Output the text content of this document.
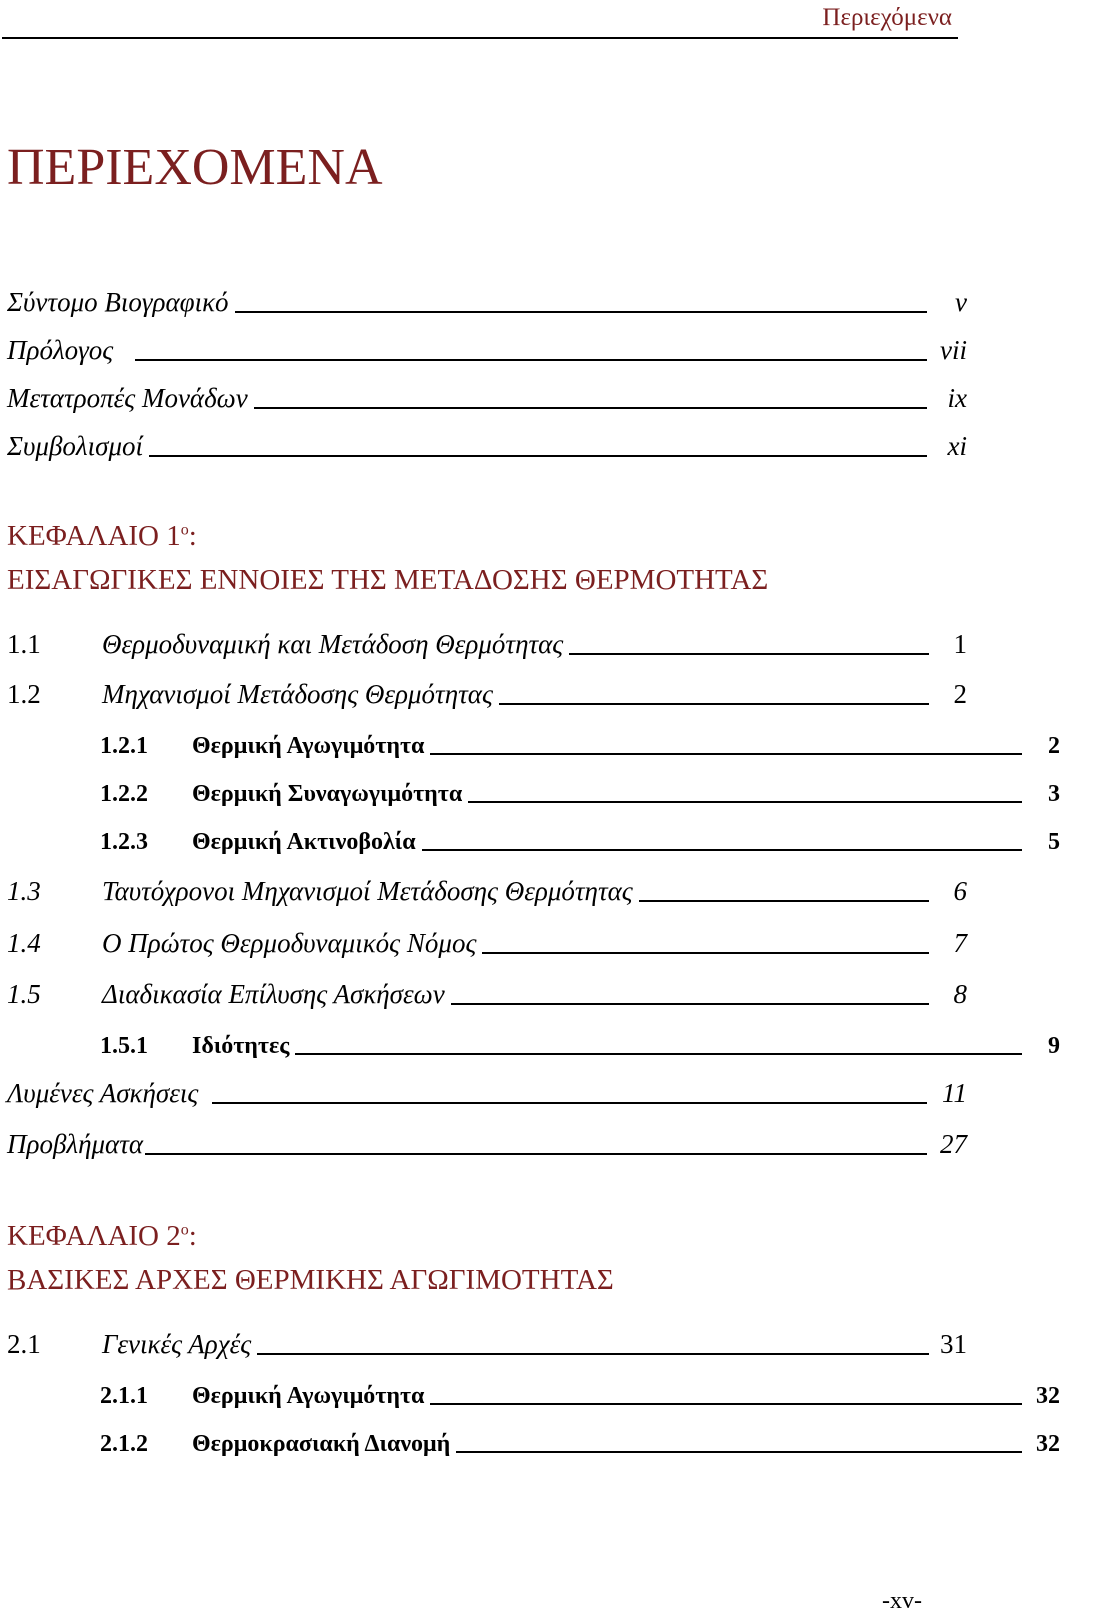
Περιεχόμενα
ΠΕΡΙΕΧΟΜΕΝΑ
Σύντομο Βιογραφικό	v
Πρόλογος	vii
Μετατροπές Μονάδων	ix
Συμβολισμοί	xi
ΚΕΦΑΛΑΙΟ $1^o$:
ΕΙΣΑΓΩΓΙΚΕΣ ΕΝΝΟΙΕΣ ΤΗΣ ΜΕΤΑΔΟΣΗΣ ΘΕΡΜΟΤΗΤΑΣ
1.1	Θερμοδυναμική και Μετάδοση Θερμότητας	1
1.2	Μηχανισμοί Μετάδοσης Θερμότητας	2
1.2.1	Θερμική Αγωγιμότητα	2
1.2.2	Θερμική Συναγωγιμότητα	3
1.2.3	Θερμική Ακτινοβολία	5
1.3	Ταυτόχρονοι Μηχανισμοί Μετάδοσης Θερμότητας	6
1.4	Ο Πρώτος Θερμοδυναμικός Νόμος	7
1.5	Διαδικασία Επίλυσης Ασκήσεων	8
1.5.1	Ιδιότητες	9
Λυμένες Ασκήσεις	11
Προβλήματα	27
ΚΕΦΑΛΑΙΟ $2^o$:
ΒΑΣΙΚΕΣ ΑΡΧΕΣ ΘΕΡΜΙΚΗΣ ΑΓΩΓΙΜΟΤΗΤΑΣ
2.1	Γενικές Αρχές	31
2.1.1	Θερμική Αγωγιμότητα	32
2.1.2	Θερμοκρασιακή Διανομή	32
-xv-
